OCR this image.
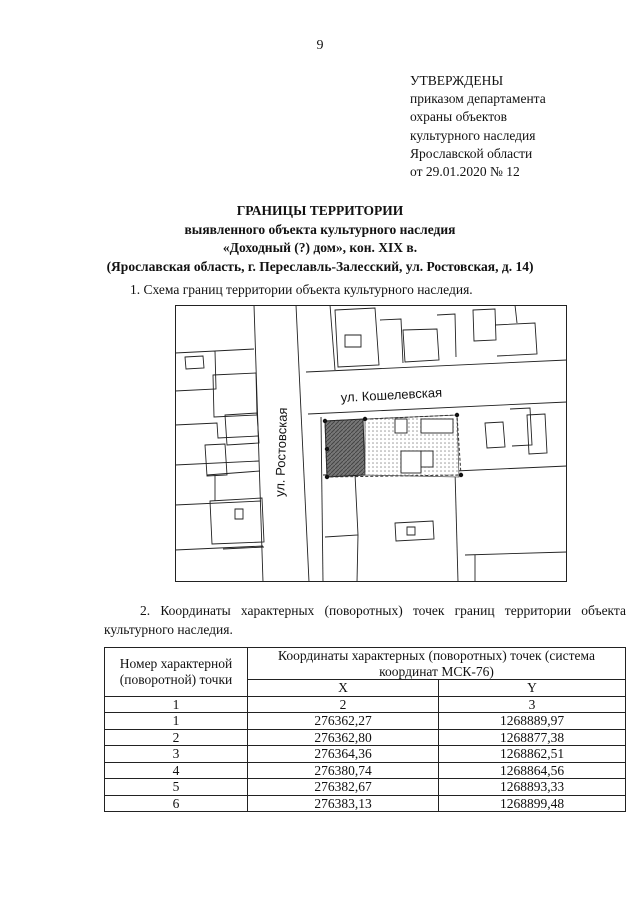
9
УТВЕРЖДЕНЫ
приказом департамента
охраны объектов
культурного наследия
Ярославской области
от 29.01.2020 № 12
ГРАНИЦЫ ТЕРРИТОРИИ
выявленного объекта культурного наследия
«Доходный (?) дом», кон. XIX в.
(Ярославская область, г. Переславль-Залесский, ул. Ростовская, д. 14)
1. Схема границ территории объекта культурного наследия.
ул. Ростовская
ул. Кошелевская
2. Координаты характерных (поворотных) точек границ территории объекта культурного наследия.
Номер характерной (поворотной) точки	Координаты характерных (поворотных) точек (система координат МСК-76)	
	X	Y
1	2	3
1	276362,27	1268889,97
2	276362,80	1268877,38
3	276364,36	1268862,51
4	276380,74	1268864,56
5	276382,67	1268893,33
6	276383,13	1268899,48
